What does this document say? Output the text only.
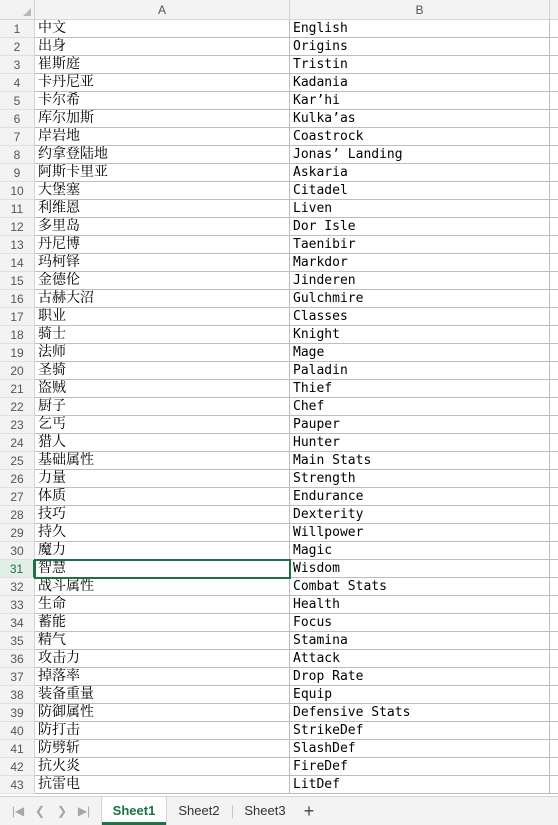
A	B
1	中文	English
2	出身	Origins
3	崔斯庭	Tristin
4	卡丹尼亚	Kadania
5	卡尔希	Kar’hi
6	库尔加斯	Kulka’as
7	岸岩地	Coastrock
8	约拿登陆地	Jonas’ Landing
9	阿斯卡里亚	Askaria
10	大堡塞	Citadel
11	利维恩	Liven
12	多里岛	Dor Isle
13	丹尼博	Taenibir
14	玛柯铎	Markdor
15	金德伦	Jinderen
16	古赫大沼	Gulchmire
17	职业	Classes
18	骑士	Knight
19	法师	Mage
20	圣骑	Paladin
21	盗贼	Thief
22	厨子	Chef
23	乞丐	Pauper
24	猎人	Hunter
25	基础属性	Main Stats
26	力量	Strength
27	体质	Endurance
28	技巧	Dexterity
29	持久	Willpower
30	魔力	Magic
31	智慧	Wisdom
32	战斗属性	Combat Stats
33	生命	Health
34	蓄能	Focus
35	精气	Stamina
36	攻击力	Attack
37	掉落率	Drop Rate
38	装备重量	Equip
39	防御属性	Defensive Stats
40	防打击	StrikeDef
41	防劈斩	SlashDef
42	抗火炎	FireDef
43	抗雷电	LitDef
|◀ ❮ ❯ ▶|	Sheet1	Sheet2	Sheet3	+
